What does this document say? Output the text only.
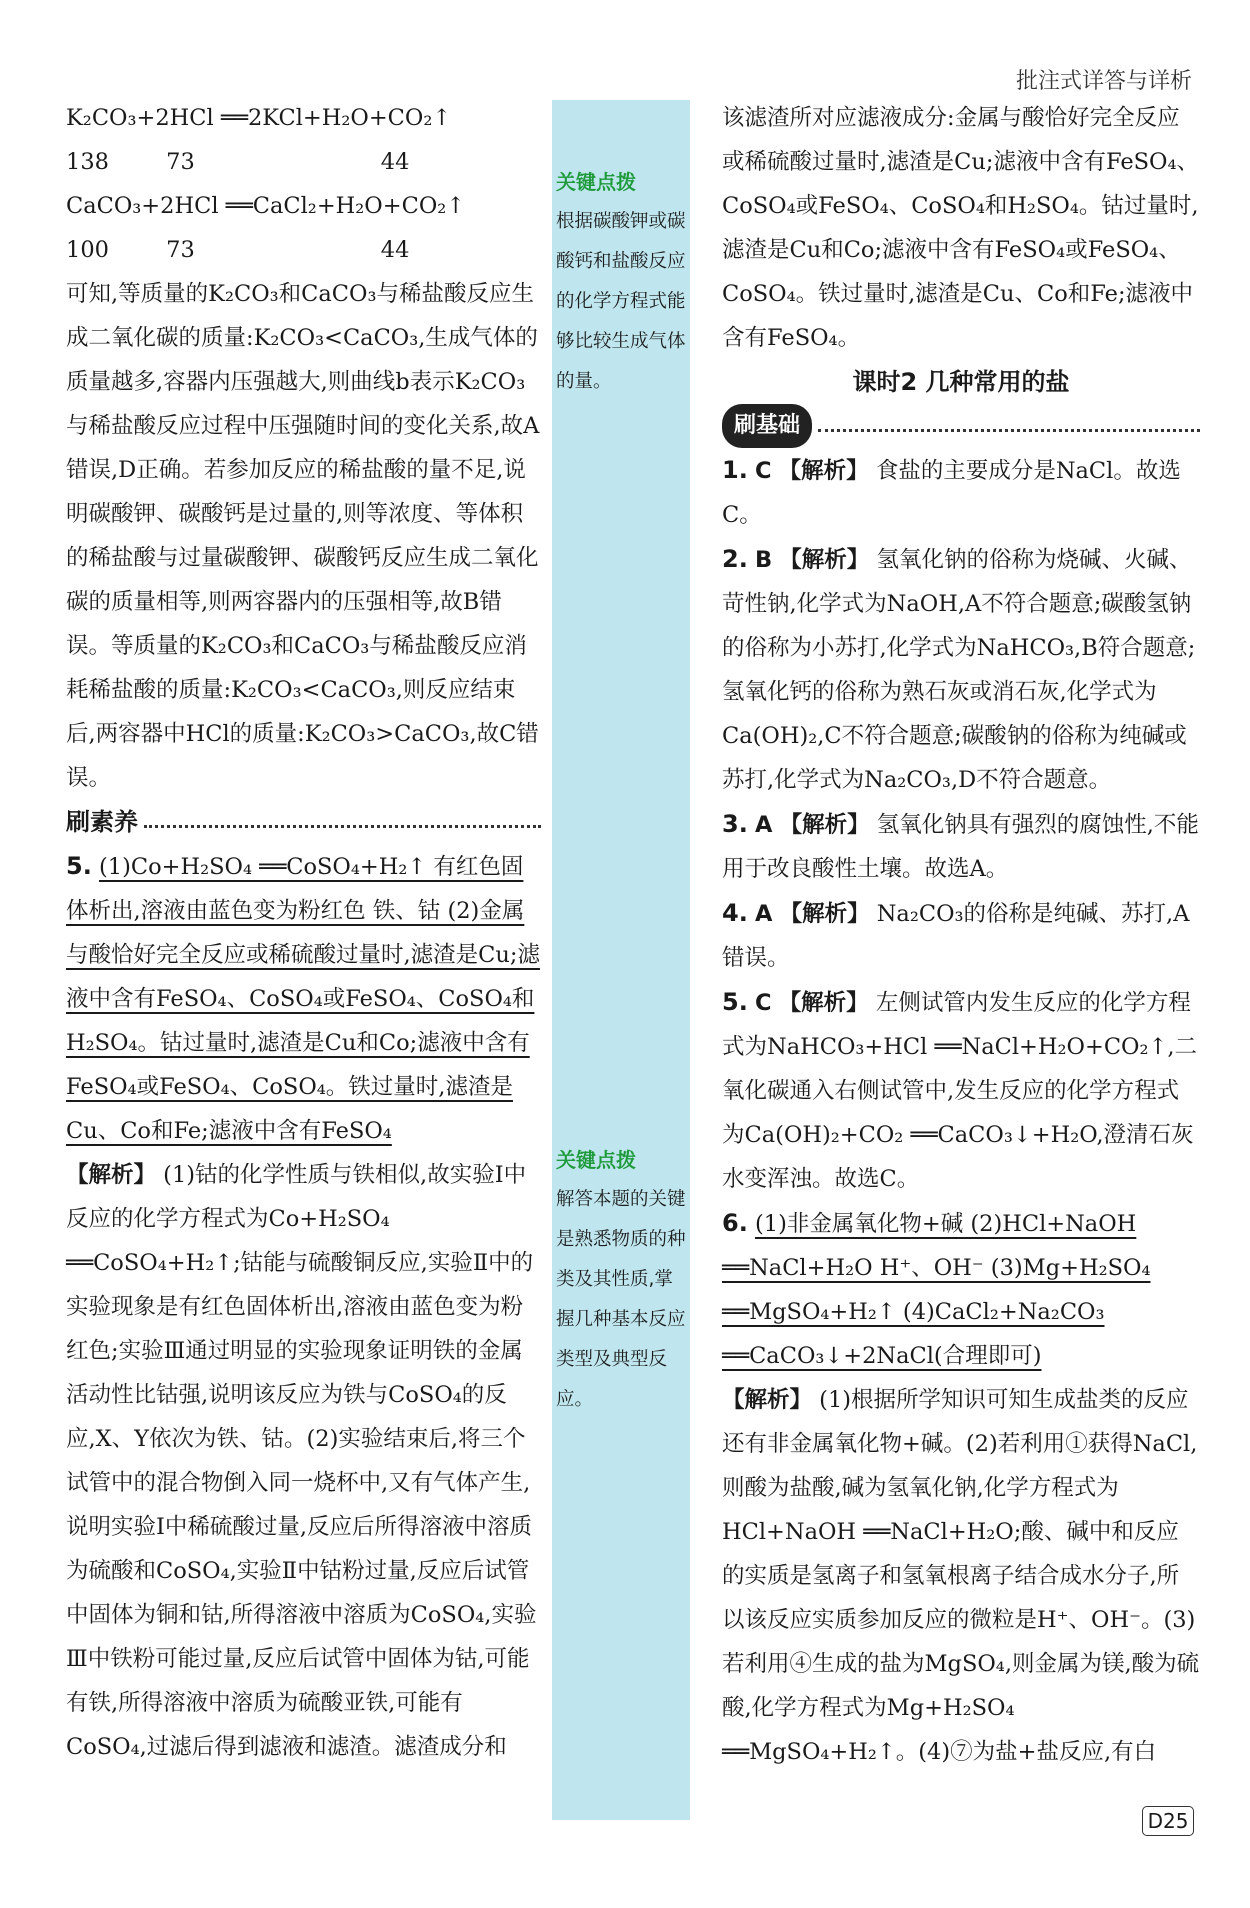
批注式详答与详析
关键点拨
根据碳酸钾或碳酸钙和盐酸反应的化学方程式能够比较生成气体的量。
关键点拨
解答本题的关键是熟悉物质的种类及其性质,掌握几种基本反应类型及典型反应。

K₂CO₃+2HCl ══2KCl+H₂O+CO₂↑

138        73                          44

CaCO₃+2HCl ══CaCl₂+H₂O+CO₂↑

100        73                          44

可知,等质量的K₂CO₃和CaCO₃与稀盐酸反应生成二氧化碳的质量:K₂CO₃<CaCO₃,生成气体的质量越多,容器内压强越大,则曲线b表示K₂CO₃与稀盐酸反应过程中压强随时间的变化关系,故A错误,D正确。若参加反应的稀盐酸的量不足,说明碳酸钾、碳酸钙是过量的,则等浓度、等体积的稀盐酸与过量碳酸钾、碳酸钙反应生成二氧化碳的质量相等,则两容器内的压强相等,故B错误。等质量的K₂CO₃和CaCO₃与稀盐酸反应消耗稀盐酸的质量:K₂CO₃<CaCO₃,则反应结束后,两容器中HCl的质量:K₂CO₃>CaCO₃,故C错误。

刷素养

5. (1)Co+H₂SO₄ ══CoSO₄+H₂↑ 有红色固体析出,溶液由蓝色变为粉红色 铁、钴 (2)金属与酸恰好完全反应或稀硫酸过量时,滤渣是Cu;滤液中含有FeSO₄、CoSO₄或FeSO₄、CoSO₄和H₂SO₄。钴过量时,滤渣是Cu和Co;滤液中含有FeSO₄或FeSO₄、CoSO₄。铁过量时,滤渣是Cu、Co和Fe;滤液中含有FeSO₄

【解析】 (1)钴的化学性质与铁相似,故实验Ⅰ中反应的化学方程式为Co+H₂SO₄ ══CoSO₄+H₂↑;钴能与硫酸铜反应,实验Ⅱ中的实验现象是有红色固体析出,溶液由蓝色变为粉红色;实验Ⅲ通过明显的实验现象证明铁的金属活动性比钴强,说明该反应为铁与CoSO₄的反应,X、Y依次为铁、钴。(2)实验结束后,将三个试管中的混合物倒入同一烧杯中,又有气体产生,说明实验Ⅰ中稀硫酸过量,反应后所得溶液中溶质为硫酸和CoSO₄,实验Ⅱ中钴粉过量,反应后试管中固体为铜和钴,所得溶液中溶质为CoSO₄,实验Ⅲ中铁粉可能过量,反应后试管中固体为钴,可能有铁,所得溶液中溶质为硫酸亚铁,可能有CoSO₄,过滤后得到滤液和滤渣。滤渣成分和

该滤渣所对应滤液成分:金属与酸恰好完全反应或稀硫酸过量时,滤渣是Cu;滤液中含有FeSO₄、CoSO₄或FeSO₄、CoSO₄和H₂SO₄。钴过量时,滤渣是Cu和Co;滤液中含有FeSO₄或FeSO₄、CoSO₄。铁过量时,滤渣是Cu、Co和Fe;滤液中含有FeSO₄。

课时2 几种常用的盐

刷基础

1. C 【解析】 食盐的主要成分是NaCl。故选C。

2. B 【解析】 氢氧化钠的俗称为烧碱、火碱、苛性钠,化学式为NaOH,A不符合题意;碳酸氢钠的俗称为小苏打,化学式为NaHCO₃,B符合题意;氢氧化钙的俗称为熟石灰或消石灰,化学式为Ca(OH)₂,C不符合题意;碳酸钠的俗称为纯碱或苏打,化学式为Na₂CO₃,D不符合题意。

3. A 【解析】 氢氧化钠具有强烈的腐蚀性,不能用于改良酸性土壤。故选A。

4. A 【解析】 Na₂CO₃的俗称是纯碱、苏打,A错误。

5. C 【解析】 左侧试管内发生反应的化学方程式为NaHCO₃+HCl ══NaCl+H₂O+CO₂↑,二氧化碳通入右侧试管中,发生反应的化学方程式为Ca(OH)₂+CO₂ ══CaCO₃↓+H₂O,澄清石灰水变浑浊。故选C。

6. (1)非金属氧化物+碱 (2)HCl+NaOH ══NaCl+H₂O H⁺、OH⁻ (3)Mg+H₂SO₄ ══MgSO₄+H₂↑ (4)CaCl₂+Na₂CO₃ ══CaCO₃↓+2NaCl(合理即可)

【解析】 (1)根据所学知识可知生成盐类的反应还有非金属氧化物+碱。(2)若利用①获得NaCl,则酸为盐酸,碱为氢氧化钠,化学方程式为HCl+NaOH ══NaCl+H₂O;酸、碱中和反应的实质是氢离子和氢氧根离子结合成水分子,所以该反应实质参加反应的微粒是H⁺、OH⁻。(3)若利用④生成的盐为MgSO₄,则金属为镁,酸为硫酸,化学方程式为Mg+H₂SO₄ ══MgSO₄+H₂↑。(4)⑦为盐+盐反应,有白

D25
